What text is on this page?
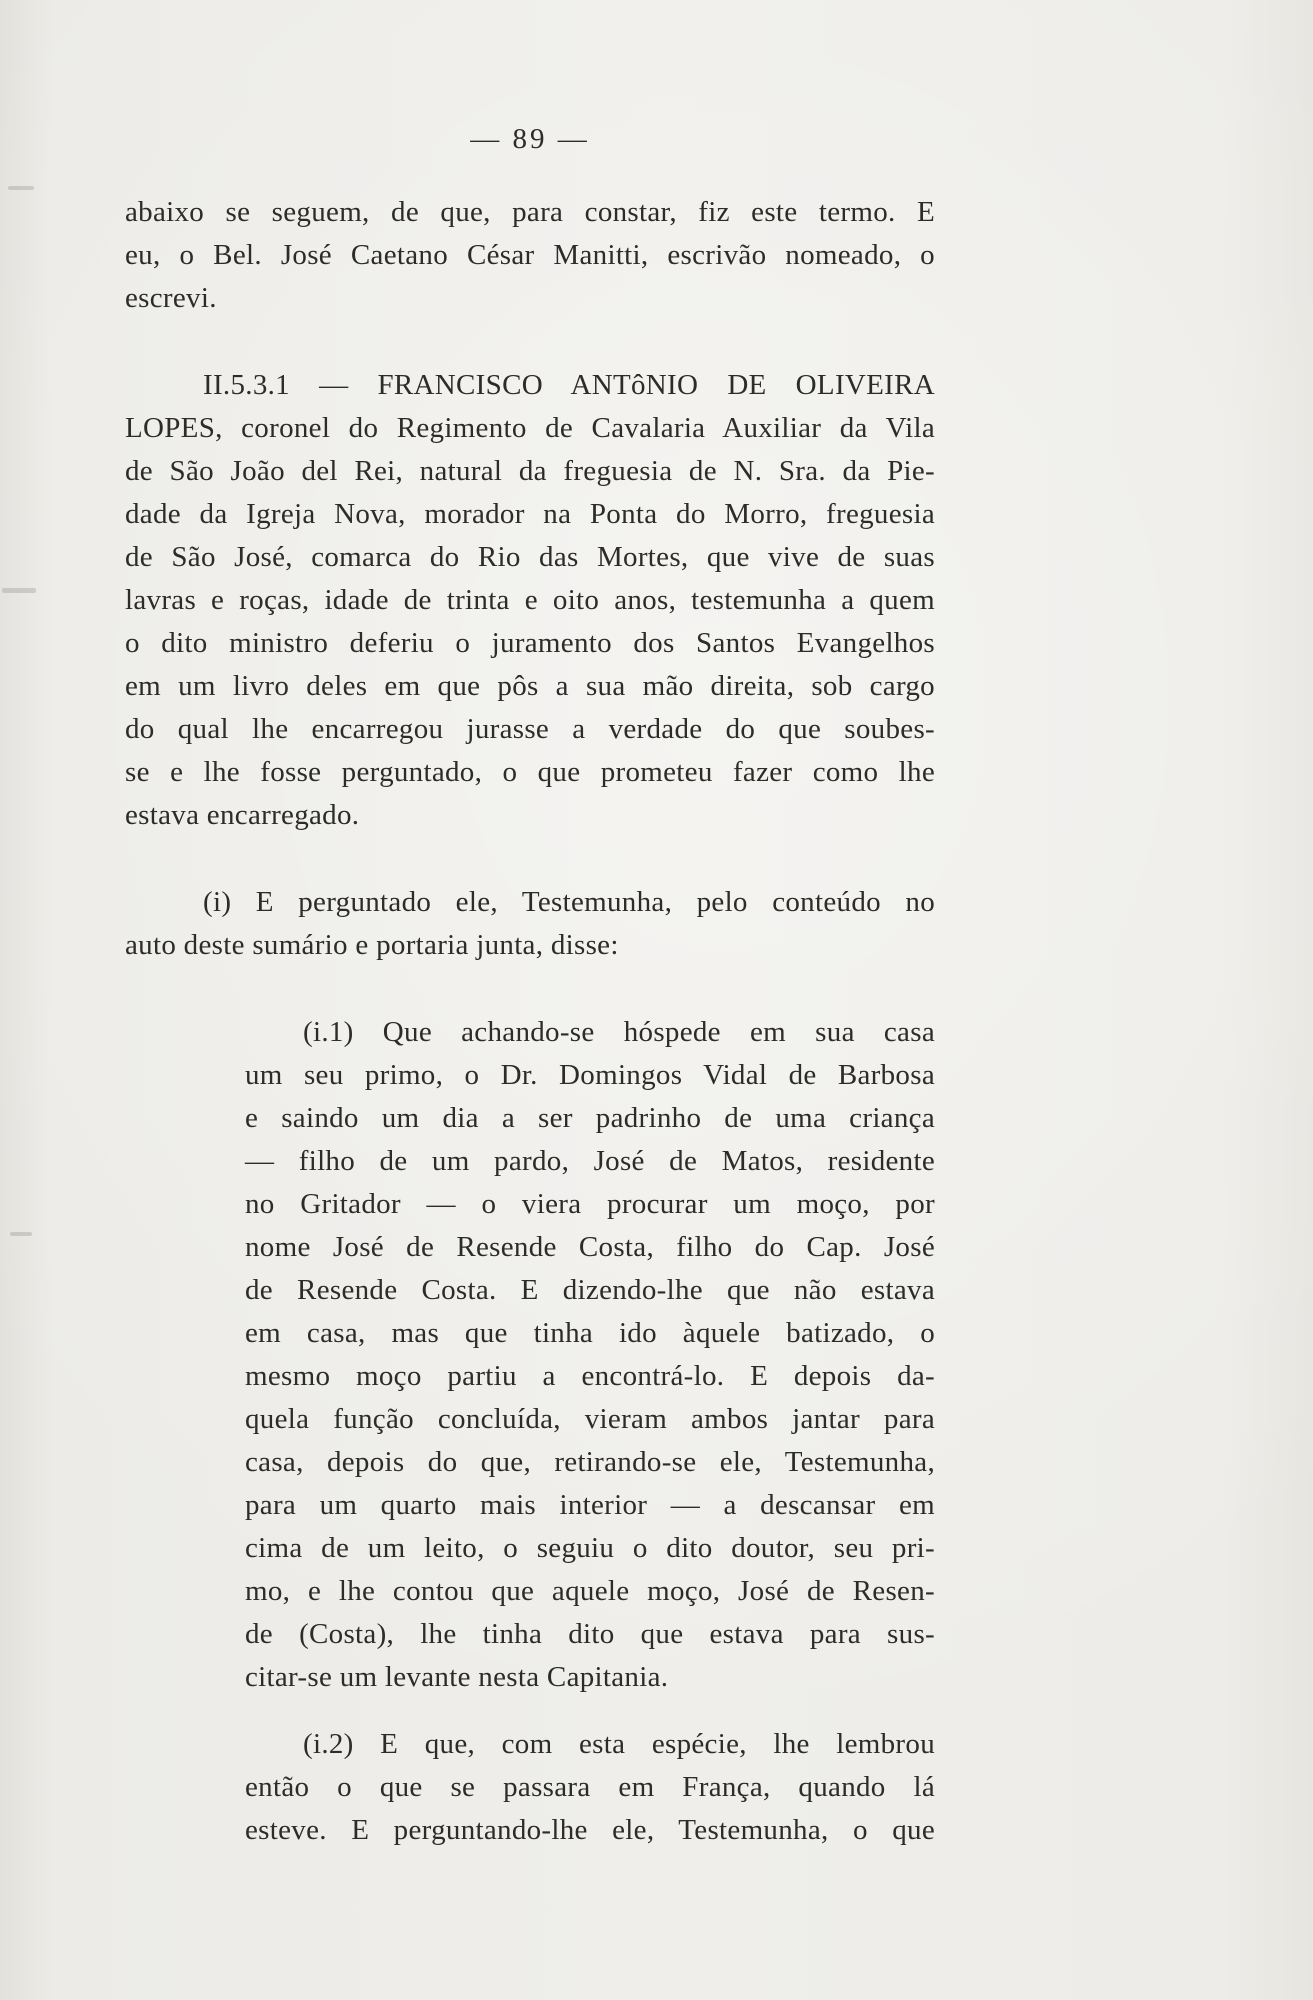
— 89 —
abaixo se seguem, de que, para constar, fiz este termo. E
eu, o Bel. José Caetano César Manitti, escrivão nomeado, o
escrevi.
II.5.3.1 — FRANCISCO ANTôNIO DE OLIVEIRA
LOPES, coronel do Regimento de Cavalaria Auxiliar da Vila
de São João del Rei, natural da freguesia de N. Sra. da Pie-
dade da Igreja Nova, morador na Ponta do Morro, freguesia
de São José, comarca do Rio das Mortes, que vive de suas
lavras e roças, idade de trinta e oito anos, testemunha a quem
o dito ministro deferiu o juramento dos Santos Evangelhos
em um livro deles em que pôs a sua mão direita, sob cargo
do qual lhe encarregou jurasse a verdade do que soubes-
se e lhe fosse perguntado, o que prometeu fazer como lhe
estava encarregado.
(i) E perguntado ele, Testemunha, pelo conteúdo no
auto deste sumário e portaria junta, disse:
(i.1) Que achando-se hóspede em sua casa
um seu primo, o Dr. Domingos Vidal de Barbosa
e saindo um dia a ser padrinho de uma criança
— filho de um pardo, José de Matos, residente
no Gritador — o viera procurar um moço, por
nome José de Resende Costa, filho do Cap. José
de Resende Costa. E dizendo-lhe que não estava
em casa, mas que tinha ido àquele batizado, o
mesmo moço partiu a encontrá-lo. E depois da-
quela função concluída, vieram ambos jantar para
casa, depois do que, retirando-se ele, Testemunha,
para um quarto mais interior — a descansar em
cima de um leito, o seguiu o dito doutor, seu pri-
mo, e lhe contou que aquele moço, José de Resen-
de (Costa), lhe tinha dito que estava para sus-
citar-se um levante nesta Capitania.
(i.2) E que, com esta espécie, lhe lembrou
então o que se passara em França, quando lá
esteve. E perguntando-lhe ele, Testemunha, o que
